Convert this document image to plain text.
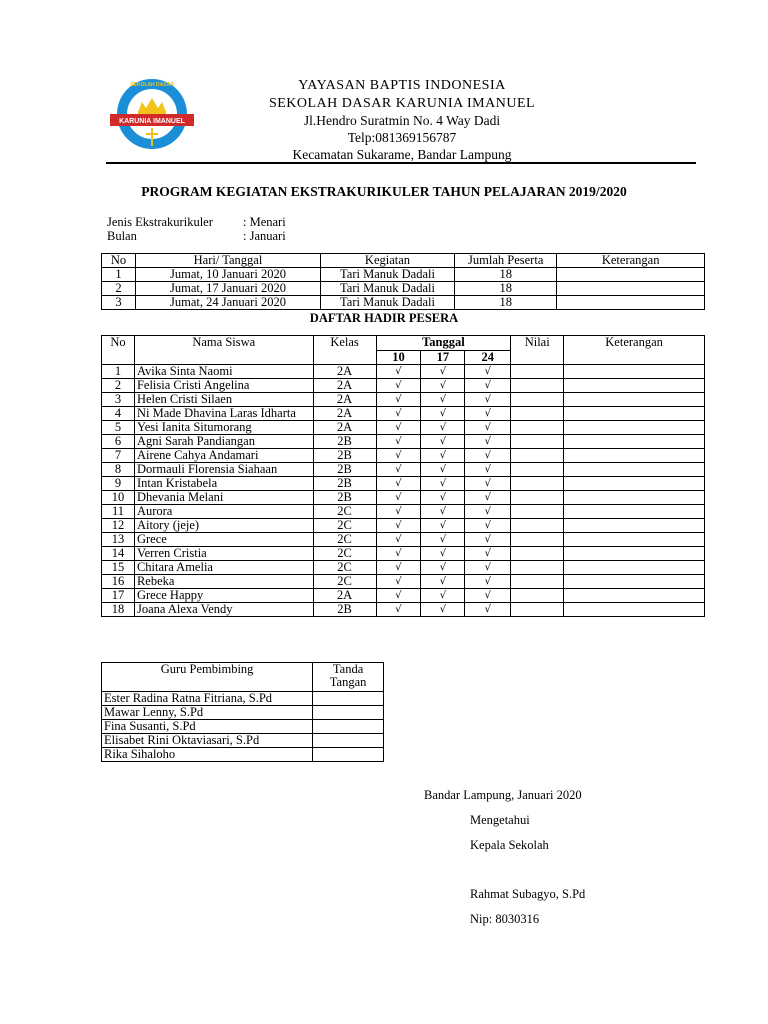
KARUNIA IMANUEL
SEKOLAH DASAR	YAYASAN BAPTIS INDONESIA
SEKOLAH DASAR KARUNIA IMANUEL
Jl.Hendro Suratmin No. 4 Way Dadi
Telp:081369156787
Kecamatan Sukarame, Bandar Lampung
PROGRAM KEGIATAN EKSTRAKURIKULER TAHUN PELAJARAN 2019/2020
Jenis Ekstrakurikuler : Menari
Bulan	: Januari
No	Hari/ Tanggal	Kegiatan	Jumlah Peserta	Keterangan
1	Jumat, 10 Januari 2020	Tari Manuk Dadali	18	
2	Jumat, 17 Januari 2020	Tari Manuk Dadali	18	
3	Jumat, 24 Januari 2020	Tari Manuk Dadali	18	
DAFTAR HADIR PESERA
No	Nama Siswa	Kelas	Tanggal			Nilai	Keterangan
			10	17	24		
1	Avika Sinta Naomi	2A	√	√	√		
2	Felisia Cristi Angelina	2A	√	√	√		
3	Helen Cristi Silaen	2A	√	√	√		
4	Ni Made Dhavina Laras Idharta	2A	√	√	√		
5	Yesi Ianita Situmorang	2A	√	√	√		
6	Agni Sarah Pandiangan	2B	√	√	√		
7	Airene Cahya Andamari	2B	√	√	√		
8	Dormauli Florensia Siahaan	2B	√	√	√		
9	Intan Kristabela	2B	√	√	√		
10	Dhevania Melani	2B	√	√	√		
11	Aurora	2C	√	√	√		
12	Aitory (jeje)	2C	√	√	√		
13	Grece	2C	√	√	√		
14	Verren Cristia	2C	√	√	√		
15	Chitara Amelia	2C	√	√	√		
16	Rebeka	2C	√	√	√		
17	Grece Happy	2A	√	√	√		
18	Joana Alexa Vendy	2B	√	√	√		
Guru Pembimbing	Tanda Tangan
Ester Radina Ratna Fitriana, S.Pd	
Mawar Lenny, S.Pd	
Fina Susanti, S.Pd	
Elisabet Rini Oktaviasari, S.Pd	
Rika Sihaloho	
Bandar Lampung, Januari 2020
Mengetahui
Kepala Sekolah
Rahmat Subagyo, S.Pd
Nip: 8030316
